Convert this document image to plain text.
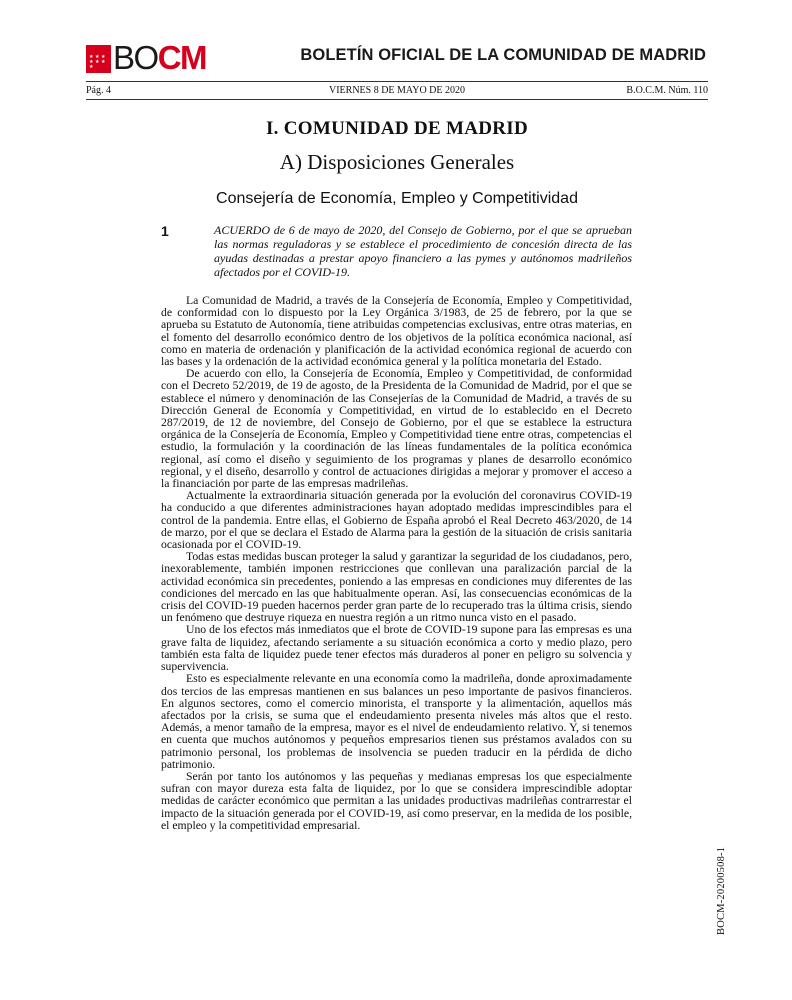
★ ★ ★
★ ★ ★
★ BOCM	BOLETÍN OFICIAL DE LA COMUNIDAD DE MADRID
Pág. 4	VIERNES 8 DE MAYO DE 2020	B.O.C.M. Núm. 110
I. COMUNIDAD DE MADRID
A) Disposiciones Generales
Consejería de Economía, Empleo y Competitividad
1	ACUERDO de 6 de mayo de 2020, del Consejo de Gobierno, por el que se aprueban las normas reguladoras y se establece el procedimiento de concesión directa de las ayudas destinadas a prestar apoyo financiero a las pymes y autónomos madrileños afectados por el COVID-19.

La Comunidad de Madrid, a través de la Consejería de Economía, Empleo y Competitividad, de conformidad con lo dispuesto por la Ley Orgánica 3/1983, de 25 de febrero, por la que se aprueba su Estatuto de Autonomía, tiene atribuidas competencias exclusivas, entre otras materias, en el fomento del desarrollo económico dentro de los objetivos de la política económica nacional, así como en materia de ordenación y planificación de la actividad económica regional de acuerdo con las bases y la ordenación de la actividad económica general y la política monetaria del Estado.

De acuerdo con ello, la Consejería de Economía, Empleo y Competitividad, de conformidad con el Decreto 52/2019, de 19 de agosto, de la Presidenta de la Comunidad de Madrid, por el que se establece el número y denominación de las Consejerías de la Comunidad de Madrid, a través de su Dirección General de Economía y Competitividad, en virtud de lo establecido en el Decreto 287/2019, de 12 de noviembre, del Consejo de Gobierno, por el que se establece la estructura orgánica de la Consejería de Economía, Empleo y Competitividad tiene entre otras, competencias el estudio, la formulación y la coordinación de las líneas fundamentales de la política económica regional, así como el diseño y seguimiento de los programas y planes de desarrollo económico regional, y el diseño, desarrollo y control de actuaciones dirigidas a mejorar y promover el acceso a la financiación por parte de las empresas madrileñas.

Actualmente la extraordinaria situación generada por la evolución del coronavirus COVID-19 ha conducido a que diferentes administraciones hayan adoptado medidas imprescindibles para el control de la pandemia. Entre ellas, el Gobierno de España aprobó el Real Decreto 463/2020, de 14 de marzo, por el que se declara el Estado de Alarma para la gestión de la situación de crisis sanitaria ocasionada por el COVID-19.

Todas estas medidas buscan proteger la salud y garantizar la seguridad de los ciudadanos, pero, inexorablemente, también imponen restricciones que conllevan una paralización parcial de la actividad económica sin precedentes, poniendo a las empresas en condiciones muy diferentes de las condiciones del mercado en las que habitualmente operan. Así, las consecuencias económicas de la crisis del COVID-19 pueden hacernos perder gran parte de lo recuperado tras la última crisis, siendo un fenómeno que destruye riqueza en nuestra región a un ritmo nunca visto en el pasado.

Uno de los efectos más inmediatos que el brote de COVID-19 supone para las empresas es una grave falta de liquidez, afectando seriamente a su situación económica a corto y medio plazo, pero también esta falta de liquidez puede tener efectos más duraderos al poner en peligro su solvencia y supervivencia.

Esto es especialmente relevante en una economía como la madrileña, donde aproximadamente dos tercios de las empresas mantienen en sus balances un peso importante de pasivos financieros. En algunos sectores, como el comercio minorista, el transporte y la alimentación, aquellos más afectados por la crisis, se suma que el endeudamiento presenta niveles más altos que el resto. Además, a menor tamaño de la empresa, mayor es el nivel de endeudamiento relativo. Y, si tenemos en cuenta que muchos autónomos y pequeños empresarios tienen sus préstamos avalados con su patrimonio personal, los problemas de insolvencia se pueden traducir en la pérdida de dicho patrimonio.

Serán por tanto los autónomos y las pequeñas y medianas empresas los que especialmente sufran con mayor dureza esta falta de liquidez, por lo que se considera imprescindible adoptar medidas de carácter económico que permitan a las unidades productivas madrileñas contrarrestar el impacto de la situación generada por el COVID-19, así como preservar, en la medida de los posible, el empleo y la competitividad empresarial.

BOCM-20200508-1
